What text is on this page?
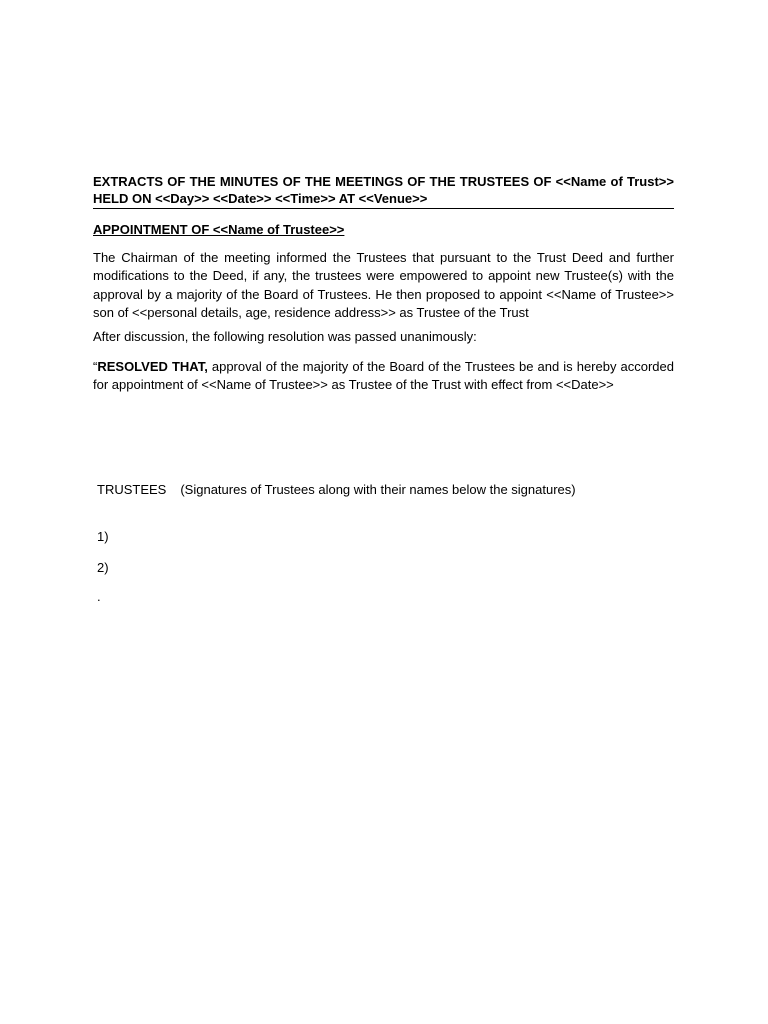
EXTRACTS OF THE MINUTES OF THE MEETINGS OF THE TRUSTEES OF <<Name of Trust>> HELD ON <<Day>> <<Date>> <<Time>> AT <<Venue>>
APPOINTMENT OF <<Name of Trustee>>
The Chairman of the meeting informed the Trustees that pursuant to the Trust Deed and further modifications to the Deed, if any, the trustees were empowered to appoint new Trustee(s) with the approval by a majority of the Board of Trustees. He then proposed to appoint <<Name of Trustee>> son of <<personal details, age, residence address>> as Trustee of the Trust
After discussion, the following resolution was passed unanimously:
“RESOLVED THAT, approval of the majority of the Board of the Trustees be and is hereby accorded for appointment of <<Name of Trustee>> as Trustee of the Trust with effect from <<Date>>
TRUSTEES (Signatures of Trustees along with their names below the signatures)
1)
2)
.
